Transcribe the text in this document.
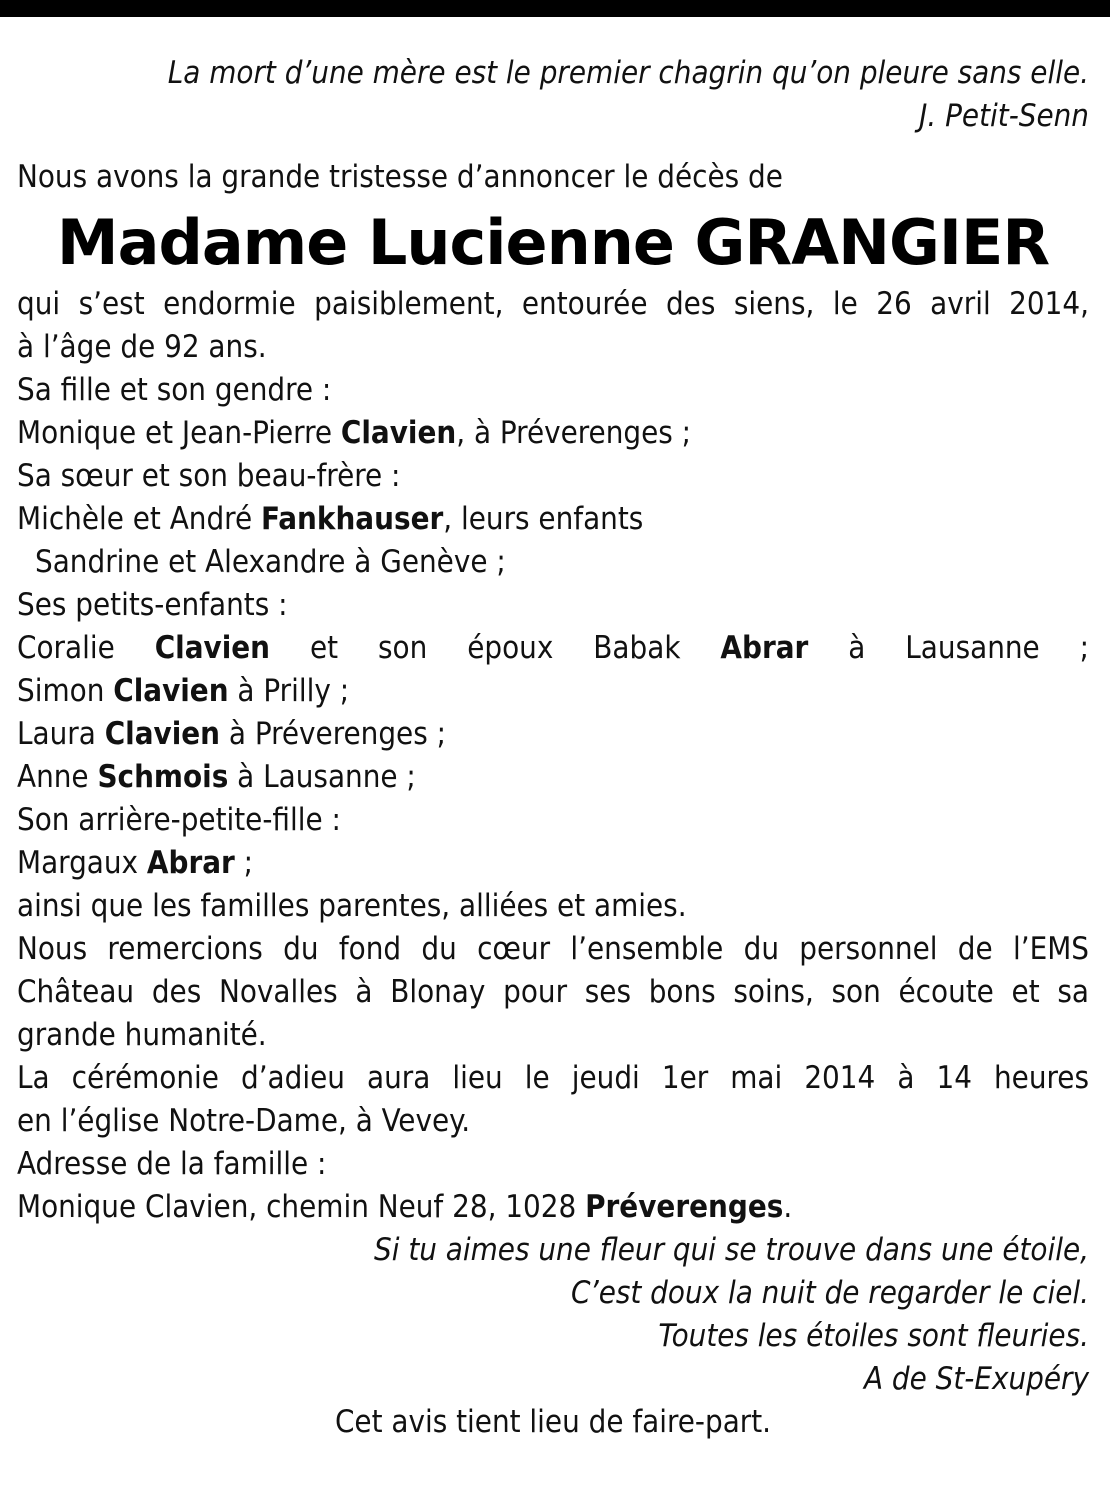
La mort d’une mère est le premier chagrin qu’on pleure sans elle.
J. Petit-Senn
Nous avons la grande tristesse d’annoncer le décès de
Madame Lucienne GRANGIER
qui s’est endormie paisiblement, entourée des siens, le 26 avril 2014,
à l’âge de 92 ans.
Sa fille et son gendre :
Monique et Jean-Pierre Clavien, à Préverenges ;
Sa sœur et son beau-frère :
Michèle et André Fankhauser, leurs enfants
Sandrine et Alexandre à Genève ;
Ses petits-enfants :
Coralie Clavien et son époux Babak Abrar à Lausanne ;
Simon Clavien à Prilly ;
Laura Clavien à Préverenges ;
Anne Schmois à Lausanne ;
Son arrière-petite-fille :
Margaux Abrar ;
ainsi que les familles parentes, alliées et amies.
Nous remercions du fond du cœur l’ensemble du personnel de l’EMS
Château des Novalles à Blonay pour ses bons soins, son écoute et sa
grande humanité.
La cérémonie d’adieu aura lieu le jeudi 1er mai 2014 à 14 heures
en l’église Notre-Dame, à Vevey.
Adresse de la famille :
Monique Clavien, chemin Neuf 28, 1028 Préverenges.
Si tu aimes une fleur qui se trouve dans une étoile,
C’est doux la nuit de regarder le ciel.
Toutes les étoiles sont fleuries.
A de St-Exupéry
Cet avis tient lieu de faire-part.
